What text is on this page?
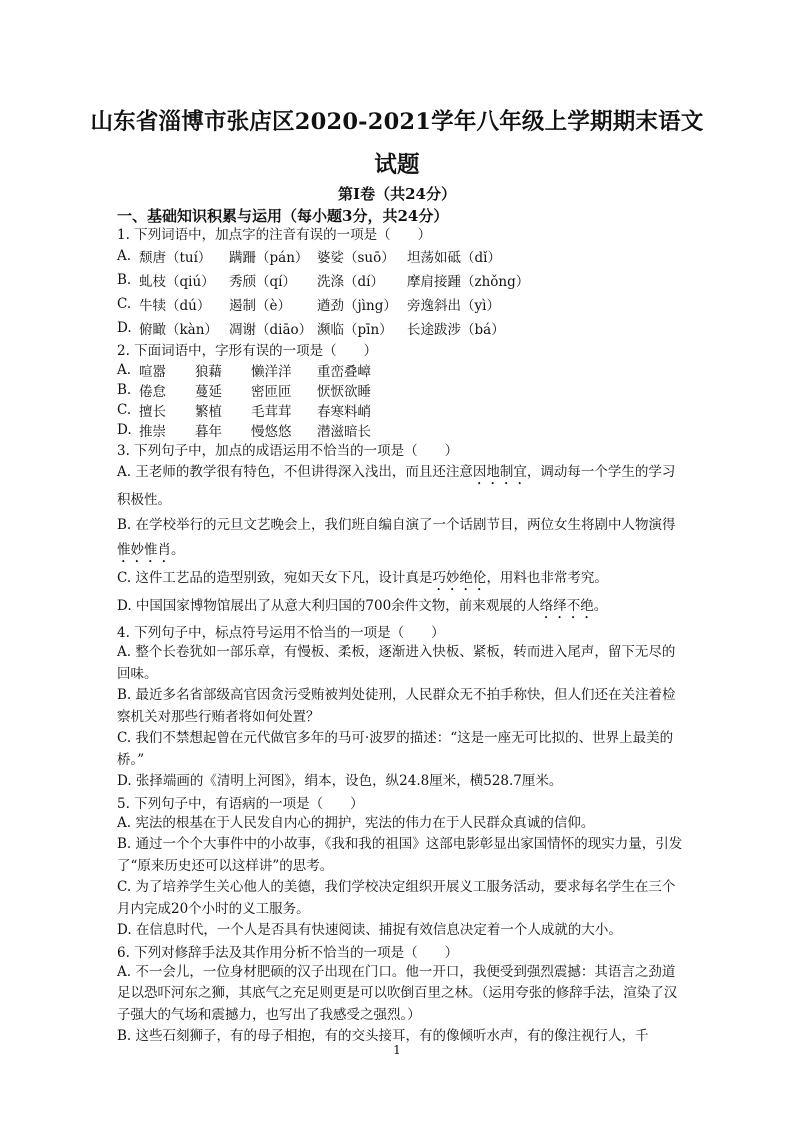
山东省淄博市张店区2020-2021学年八年级上学期期末语文
试题
第Ⅰ卷（共24分）
一、基础知识积累与运用（每小题3分，共24分）
1. 下列词语中，加点字的注音有误的一项是（　　）
A. 颓唐（tuí）	蹒跚（pán） 婆娑（suō） 坦荡如砥（dǐ）
B. 虬枝（qiú）	秀颀（qí）	洗涤（dí）	摩肩接踵（zhǒng）
C. 牛犊（dú）	遏制（è）	遒劲（jìng） 旁逸斜出（yì）
D. 俯瞰（kàn） 凋谢（diāo） 濒临（pīn）	长途跋涉（bá）
2. 下面词语中，字形有误的一项是（　　）
A. 喧嚣	狼藉	懒洋洋	重峦叠嶂
B. 倦怠	蔓延	密匝匝	恹恹欲睡
C. 擅长	繁植	毛茸茸	春寒料峭
D. 推崇	暮年	慢悠悠	潜滋暗长
3. 下列句子中，加点的成语运用不恰当的一项是（　　）
A. 王老师的教学很有特色，不但讲得深入浅出，而且还注意因地制宜，调动每一个学生的学习积极性。
B. 在学校举行的元旦文艺晚会上，我们班自编自演了一个话剧节目，两位女生将剧中人物演得惟妙惟肖。
C. 这件工艺品的造型别致，宛如天女下凡，设计真是巧妙绝伦，用料也非常考究。
D. 中国国家博物馆展出了从意大利归国的700余件文物，前来观展的人络绎不绝。
4. 下列句子中，标点符号运用不恰当的一项是（　　）
A. 整个长卷犹如一部乐章，有慢板、柔板，逐渐进入快板、紧板，转而进入尾声，留下无尽的回味。
B. 最近多名省部级高官因贪污受贿被判处徒刑，人民群众无不拍手称快，但人们还在关注着检察机关对那些行贿者将如何处置？
C. 我们不禁想起曾在元代做官多年的马可·波罗的描述：“这是一座无可比拟的、世界上最美的桥。”
D. 张择端画的《清明上河图》，绢本，设色，纵24.8厘米，横528.7厘米。
5. 下列句子中，有语病的一项是（　　）
A. 宪法的根基在于人民发自内心的拥护，宪法的伟力在于人民群众真诚的信仰。
B. 通过一个个大事件中的小故事，《我和我的祖国》这部电影彰显出家国情怀的现实力量，引发了“原来历史还可以这样讲”的思考。
C. 为了培养学生关心他人的美德，我们学校决定组织开展义工服务活动，要求每名学生在三个月内完成20个小时的义工服务。
D. 在信息时代，一个人是否具有快速阅读、捕捉有效信息决定着一个人成就的大小。
6. 下列对修辞手法及其作用分析不恰当的一项是（　　）
A. 不一会儿，一位身材肥硕的汉子出现在门口。他一开口，我便受到强烈震撼：其语言之劲道足以恐吓河东之狮，其底气之充足则更是可以吹倒百里之林。（运用夸张的修辞手法，渲染了汉子强大的气场和震撼力，也写出了我感受之强烈。）
B. 这些石刻狮子，有的母子相抱，有的交头接耳，有的像倾听水声，有的像注视行人，千
1
